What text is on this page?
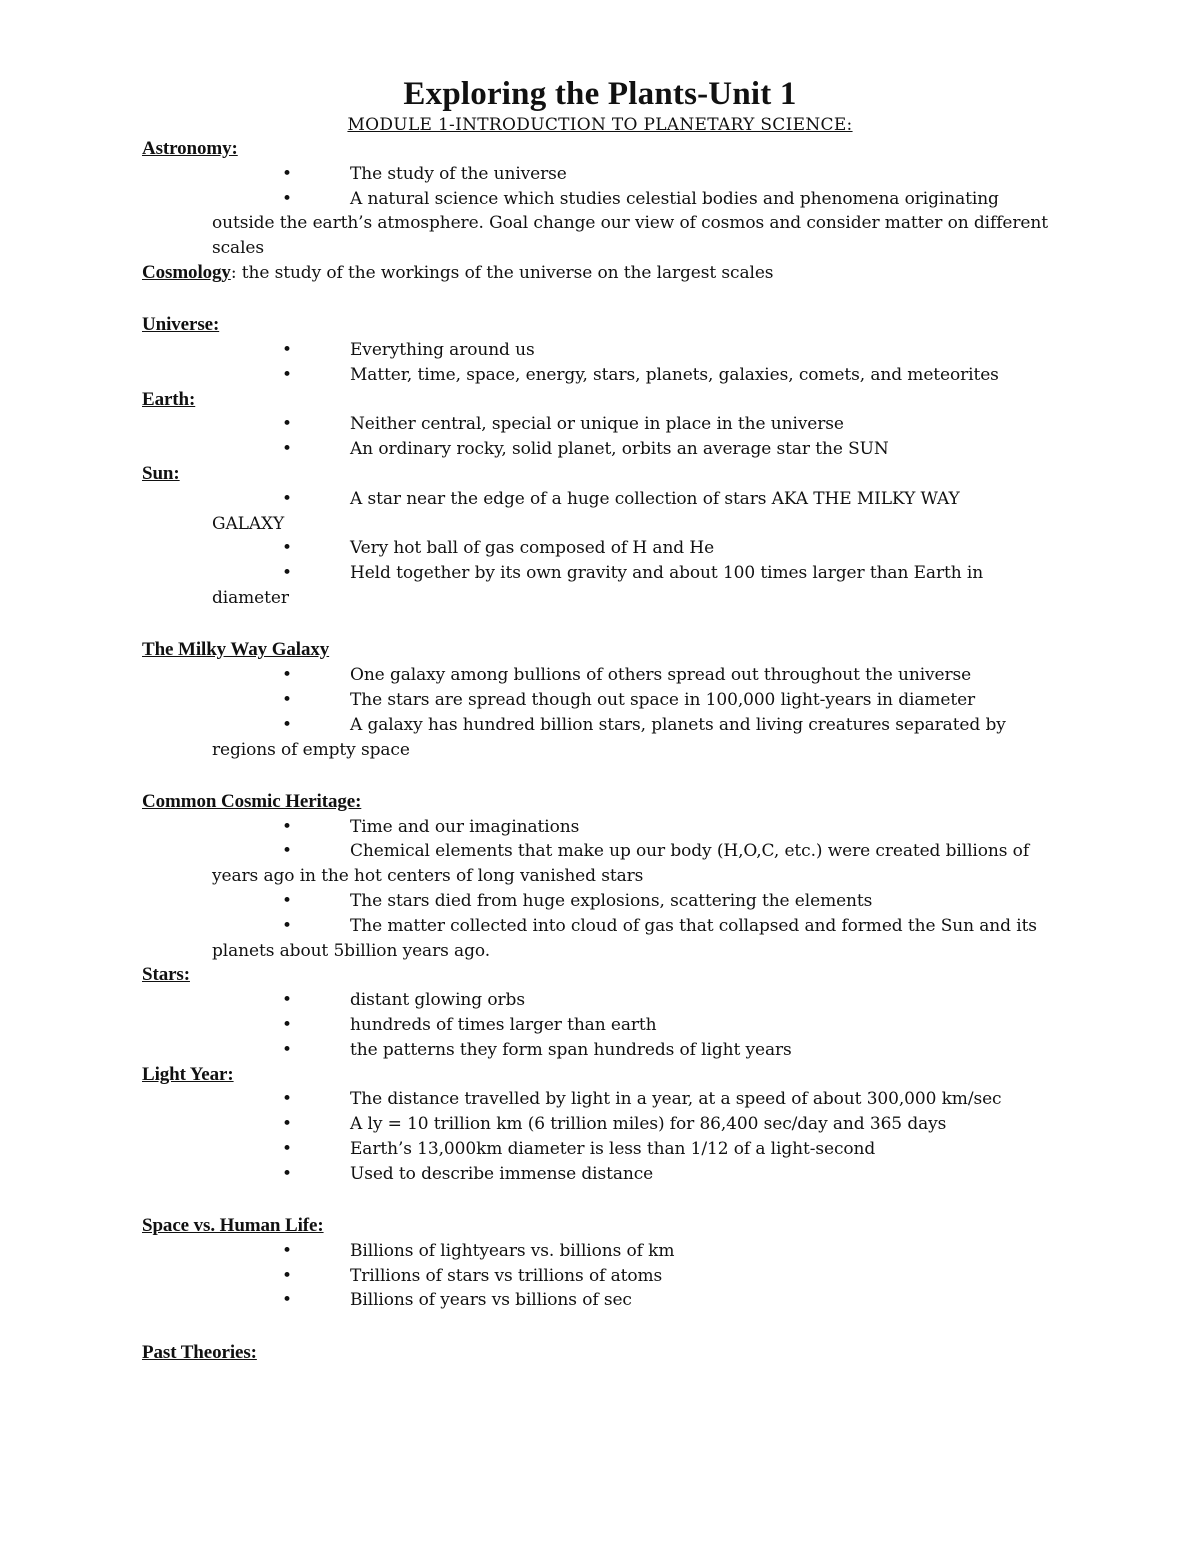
Exploring the Plants-Unit 1
MODULE 1-INTRODUCTION TO PLANETARY SCIENCE:
Astronomy:
•	The study of the universe
•	A natural science which studies celestial bodies and phenomena originating
outside the earth’s atmosphere. Goal change our view of cosmos and consider matter on different
scales
Cosmology: the study of the workings of the universe on the largest scales
Universe:
•	Everything around us
•	Matter, time, space, energy, stars, planets, galaxies, comets, and meteorites
Earth:
•	Neither central, special or unique in place in the universe
•	An ordinary rocky, solid planet, orbits an average star the SUN
Sun:
•	A star near the edge of a huge collection of stars AKA THE MILKY WAY
GALAXY
•	Very hot ball of gas composed of H and He
•	Held together by its own gravity and about 100 times larger than Earth in
diameter
The Milky Way Galaxy
•	One galaxy among bullions of others spread out throughout the universe
•	The stars are spread though out space in 100,000 light-years in diameter
•	A galaxy has hundred billion stars, planets and living creatures separated by
regions of empty space
Common Cosmic Heritage:
•	Time and our imaginations
•	Chemical elements that make up our body (H,O,C, etc.) were created billions of
years ago in the hot centers of long vanished stars
•	The stars died from huge explosions, scattering the elements
•	The matter collected into cloud of gas that collapsed and formed the Sun and its
planets about 5billion years ago.
Stars:
•	distant glowing orbs
•	hundreds of times larger than earth
•	the patterns they form span hundreds of light years
Light Year:
•	The distance travelled by light in a year, at a speed of about 300,000 km/sec
•	A ly = 10 trillion km (6 trillion miles) for 86,400 sec/day and 365 days
•	Earth’s 13,000km diameter is less than 1/12 of a light-second
•	Used to describe immense distance
Space vs. Human Life:
•	Billions of lightyears vs. billions of km
•	Trillions of stars vs trillions of atoms
•	Billions of years vs billions of sec
Past Theories:
